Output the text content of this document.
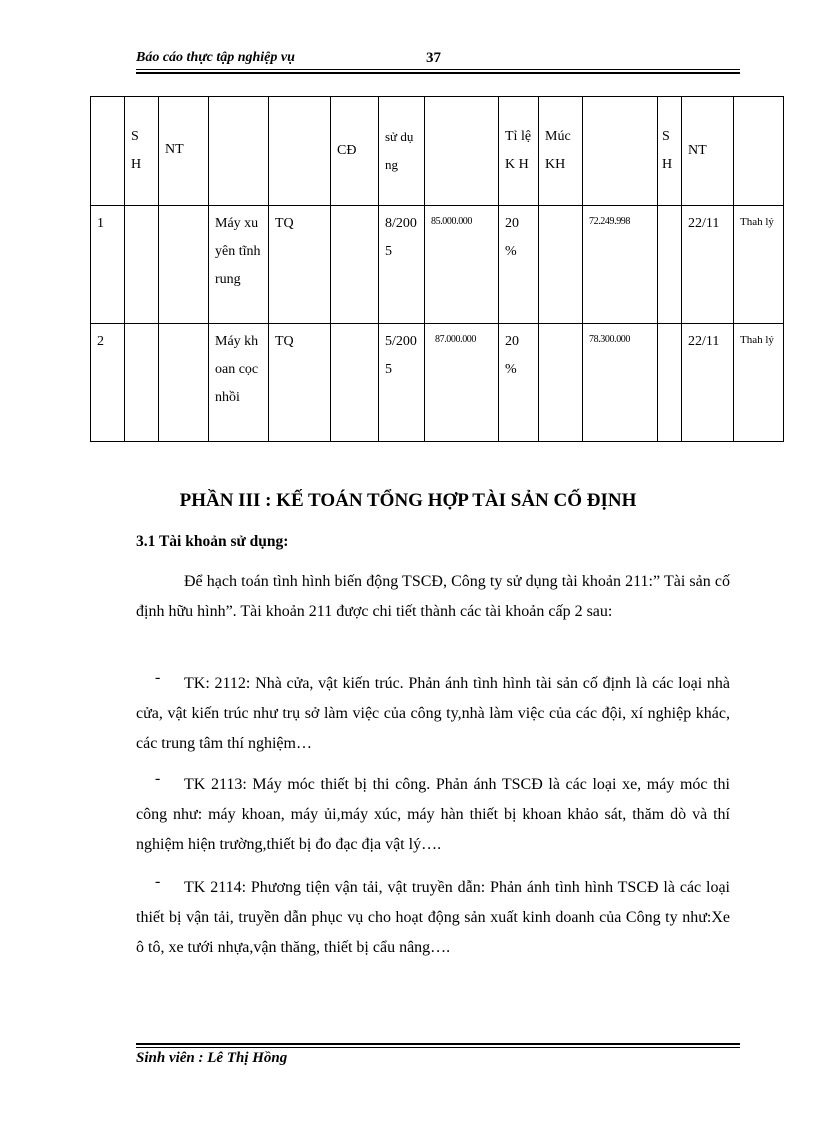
Báo cáo thực tập nghiệp vụ	37
	S H	NT			CĐ	sử dụng		Tỉ lệ K H	Múc KH		S H	NT	
1			Máy xuyên tĩnh rung	TQ		8/2005	85.000.000	20 %		72.249.998		22/11	Thah lý
2			Máy khoan cọc nhồi	TQ		5/2005	87.000.000	20 %		78.300.000		22/11	Thah lý
PHẦN III : KẾ TOÁN TỔNG HỢP TÀI SẢN CỐ ĐỊNH
3.1 Tài khoản sử dụng:
Để hạch toán tình hình biến động TSCĐ, Công ty sử dụng tài khoản 211:” Tài sản cố định hữu hình”. Tài khoản 211 được chi tiết thành các tài khoản cấp 2 sau:
-	TK: 2112: Nhà cửa, vật kiến trúc. Phản ánh tình hình tài sản cố định là các loại nhà cửa, vật kiến trúc như trụ sở làm việc của công ty,nhà làm việc của các đội, xí nghiệp khác, các trung tâm thí nghiệm…
-	TK 2113: Máy móc thiết bị thi công. Phản ánh TSCĐ là các loại xe, máy móc thi công như: máy khoan, máy ủi,máy xúc, máy hàn thiết bị khoan khảo sát, thăm dò và thí nghiệm hiện trường,thiết bị đo đạc địa vật lý….
-	TK 2114: Phương tiện vận tải, vật truyền dẫn: Phản ánh tình hình TSCĐ là các loại thiết bị vận tải, truyền dẫn phục vụ cho hoạt động sản xuất kinh doanh của Công ty như:Xe ô tô, xe tưới nhựa,vận thăng, thiết bị cẩu nâng….
Sinh viên : Lê Thị Hồng
